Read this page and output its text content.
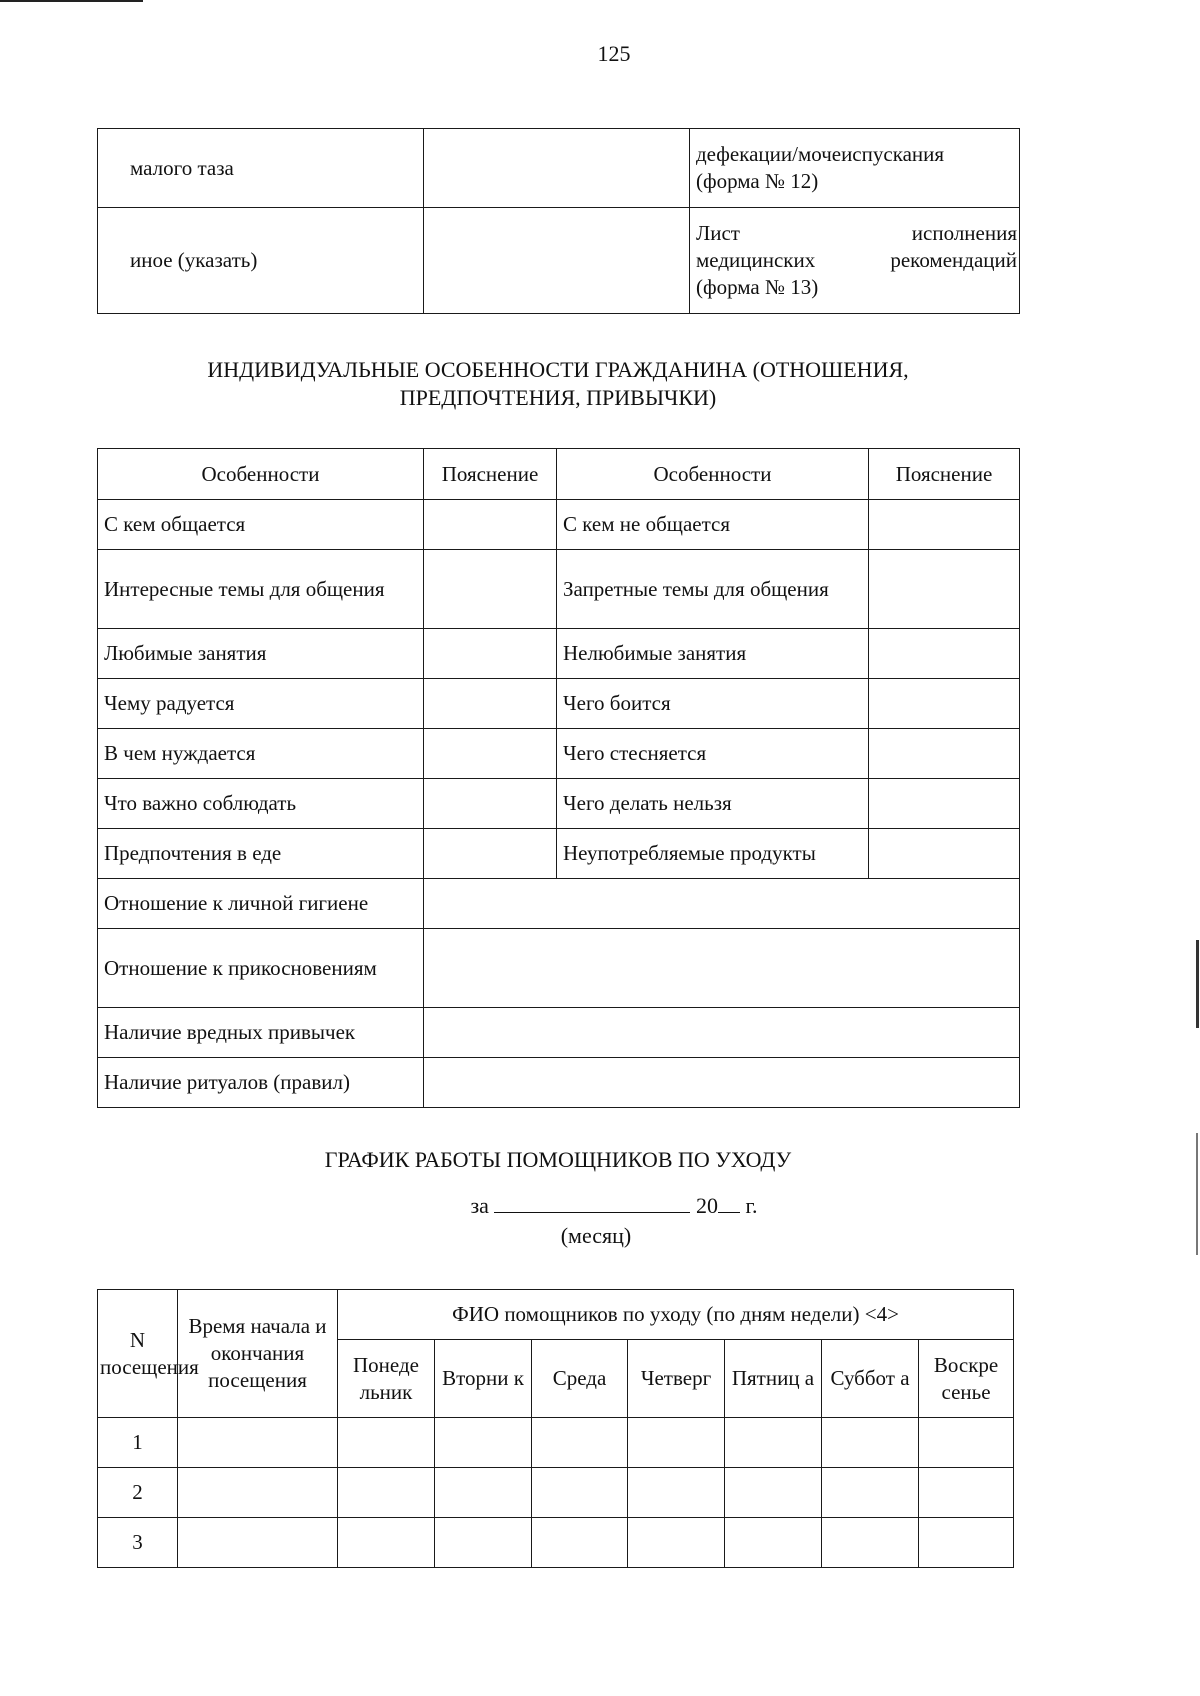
125
малого таза		дефекации/мочеиспускания
(форма № 12)

иное (указать)		Лист исполнения
медицинских рекомендаций
(форма № 13)
ИНДИВИДУАЛЬНЫЕ ОСОБЕННОСТИ ГРАЖДАНИНА (ОТНОШЕНИЯ,
ПРЕДПОЧТЕНИЯ, ПРИВЫЧКИ)
Особенности	Пояснение	Особенности	Пояснение
С кем общается		С кем не общается	
Интересные темы для общения		Запретные темы для общения	
Любимые занятия		Нелюбимые занятия	
Чему радуется		Чего боится	
В чем нуждается		Чего стесняется	
Что важно соблюдать		Чего делать нельзя	
Предпочтения в еде		Неупотребляемые продукты	
Отношение к личной гигиене			
Отношение к прикосновениям			
Наличие вредных привычек			
Наличие ритуалов (правил)			
ГРАФИК РАБОТЫ ПОМОЩНИКОВ ПО УХОДУ
за	20 г.
(месяц)
N посещения	Время начала и окончания посещения	ФИО помощников по уходу (по дням недели) <4>						
		Понеде льник	Вторни к	Среда	Четверг	Пятниц а	Суббот а	Воскре сенье
1								
2								
3								
